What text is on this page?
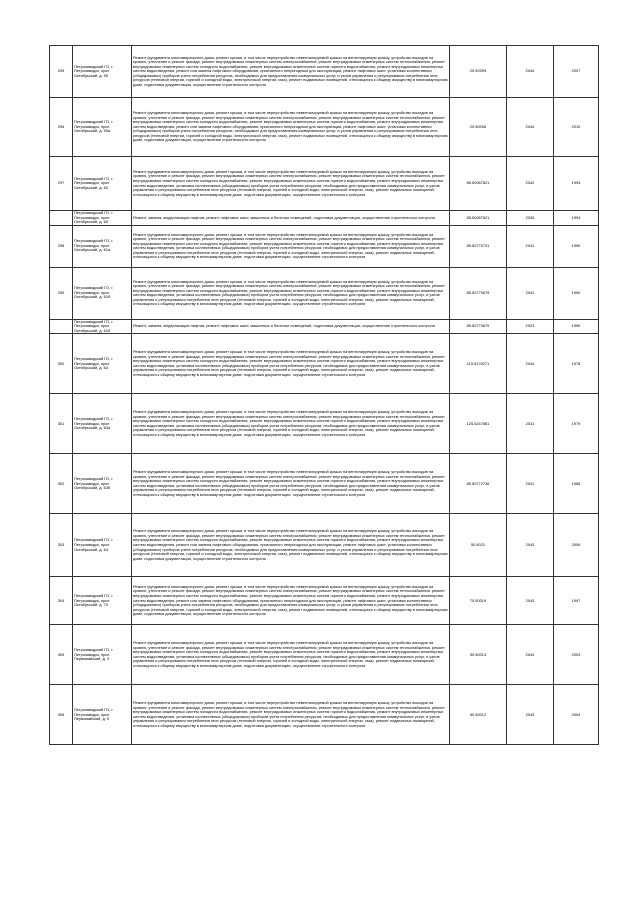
295	Петрозаводский ГО, г. Петрозаводск, прсп Октябрьский, д. 59	Ремонт фундамента многоквартирного дома, ремонт крыши, в том числе переустройство невентилируемой крыши на вентилируемую крышу, устройство выходов на кровлю, утепление и ремонт фасада, ремонт внутридомовых инженерных систем электроснабжения, ремонт внутридомовых инженерных систем теплоснабжения, ремонт внутридомовых инженерных систем холодного водоснабжения, ремонт внутридомовых инженерных систем горячего водоснабжения, ремонт внутридомовых инженерных систем водоотведения, ремонт или замена лифтового оборудования, признанного непригодным для эксплуатации, ремонт лифтовых шахт, установка коллективных (общедомовых) приборов учета потребления ресурсов, необходимых для предоставления коммунальных услуг, и узлов управления и регулирования потребления этих ресурсов (тепловой энергии, горячей и холодной воды, электрической энергии, газа), ремонт подвальных помещений, относящихся к общему имуществу в многоквартирном доме, подготовка документации, осуществление строительного контроля	20.50399	2044	2007
296	Петрозаводский ГО, г. Петрозаводск, прсп Октябрьский, д. 59а	Ремонт фундамента многоквартирного дома, ремонт крыши, в том числе переустройство невентилируемой крыши на вентилируемую крышу, устройство выходов на кровлю, утепление и ремонт фасада, ремонт внутридомовых инженерных систем электроснабжения, ремонт внутридомовых инженерных систем теплоснабжения, ремонт внутридомовых инженерных систем холодного водоснабжения, ремонт внутридомовых инженерных систем горячего водоснабжения, ремонт внутридомовых инженерных систем водоотведения, ремонт или замена лифтового оборудования, признанного непригодным для эксплуатации, ремонт лифтовых шахт, установка коллективных (общедомовых) приборов учета потребления ресурсов, необходимых для предоставления коммунальных услуг, и узлов управления и регулирования потребления этих ресурсов (тепловой энергии, горячей и холодной воды, электрической энергии, газа), ремонт подвальных помещений, относящихся к общему имуществу в многоквартирном доме, подготовка документации, осуществление строительного контроля	20.50006	2044	2010
297	Петрозаводский ГО, г. Петрозаводск, прсп Октябрьский, д. 60	Ремонт фундамента многоквартирного дома, ремонт крыши, в том числе переустройство невентилируемой крыши на вентилируемую крышу, устройство выходов на кровлю, утепление и ремонт фасада, ремонт внутридомовых инженерных систем электроснабжения, ремонт внутридомовых инженерных систем теплоснабжения, ремонт внутридомовых инженерных систем холодного водоснабжения, ремонт внутридомовых инженерных систем горячего водоснабжения, ремонт внутридомовых инженерных систем водоотведения, установка коллективных (общедомовых) приборов учета потребления ресурсов, необходимых для предоставления коммунальных услуг, и узлов управления и регулирования потребления этих ресурсов (тепловой энергии, горячей и холодной воды, электрической энергии, газа), ремонт подвальных помещений, относящихся к общему имуществу в многоквартирном доме, подготовка документации, осуществление строительного контроля	85.50087621	2042	1994
	Петрозаводский ГО, г. Петрозаводск, прсп Октябрьский, д. 60	Ремонт, замена, модернизация лифтов, ремонт лифтовых шахт, машинных и блочных помещений, подготовка документации, осуществление строительного контроля	85.50087621	2030	1994
298	Петрозаводский ГО, г. Петрозаводск, прсп Октябрьский, д. 61а	Ремонт фундамента многоквартирного дома, ремонт крыши, в том числе переустройство невентилируемой крыши на вентилируемую крышу, устройство выходов на кровлю, утепление и ремонт фасада, ремонт внутридомовых инженерных систем электроснабжения, ремонт внутридомовых инженерных систем теплоснабжения, ремонт внутридомовых инженерных систем холодного водоснабжения, ремонт внутридомовых инженерных систем горячего водоснабжения, ремонт внутридомовых инженерных систем водоотведения, установка коллективных (общедомовых) приборов учета потребления ресурсов, необходимых для предоставления коммунальных услуг, и узлов управления и регулирования потребления этих ресурсов (тепловой энергии, горячей и холодной воды, электрической энергии, газа), ремонт подвальных помещений, относящихся к общему имуществу в многоквартирном доме, подготовка документации, осуществление строительного контроля	85.50770731	2041	1990
299	Петрозаводский ГО, г. Петрозаводск, прсп Октябрьский, д. 61б	Ремонт фундамента многоквартирного дома, ремонт крыши, в том числе переустройство невентилируемой крыши на вентилируемую крышу, устройство выходов на кровлю, утепление и ремонт фасада, ремонт внутридомовых инженерных систем электроснабжения, ремонт внутридомовых инженерных систем теплоснабжения, ремонт внутридомовых инженерных систем холодного водоснабжения, ремонт внутридомовых инженерных систем горячего водоснабжения, ремонт внутридомовых инженерных систем водоотведения, установка коллективных (общедомовых) приборов учета потребления ресурсов, необходимых для предоставления коммунальных услуг, и узлов управления и регулирования потребления этих ресурсов (тепловой энергии, горячей и холодной воды, электрической энергии, газа), ремонт подвальных помещений, относящихся к общему имуществу в многоквартирном доме, подготовка документации, осуществление строительного контроля	85.50770679	2041	1990
	Петрозаводский ГО, г. Петрозаводск, прсп Октябрьский, д. 61б	Ремонт, замена, модернизация лифтов, ремонт лифтовых шахт, машинных и блочных помещений, подготовка документации, осуществление строительного контроля	85.50770679	2023	1990
300	Петрозаводский ГО, г. Петрозаводск, прсп Октябрьский, д. 63	Ремонт фундамента многоквартирного дома, ремонт крыши, в том числе переустройство невентилируемой крыши на вентилируемую крышу, устройство выходов на кровлю, утепление и ремонт фасада, ремонт внутридомовых инженерных систем электроснабжения, ремонт внутридомовых инженерных систем теплоснабжения, ремонт внутридомовых инженерных систем холодного водоснабжения, ремонт внутридомовых инженерных систем горячего водоснабжения, ремонт внутридомовых инженерных систем водоотведения, установка коллективных (общедомовых) приборов учета потребления ресурсов, необходимых для предоставления коммунальных услуг, и узлов управления и регулирования потребления этих ресурсов (тепловой энергии, горячей и холодной воды, электрической энергии, газа), ремонт подвальных помещений, относящихся к общему имуществу в многоквартирном доме, подготовка документации, осуществление строительного контроля	115.5178271	2044	1978
301	Петрозаводский ГО, г. Петрозаводск, прсп Октябрьский, д. 63а	Ремонт фундамента многоквартирного дома, ремонт крыши, в том числе переустройство невентилируемой крыши на вентилируемую крышу, устройство выходов на кровлю, утепление и ремонт фасада, ремонт внутридомовых инженерных систем электроснабжения, ремонт внутридомовых инженерных систем теплоснабжения, ремонт внутридомовых инженерных систем холодного водоснабжения, ремонт внутридомовых инженерных систем горячего водоснабжения, ремонт внутридомовых инженерных систем водоотведения, установка коллективных (общедомовых) приборов учета потребления ресурсов, необходимых для предоставления коммунальных услуг, и узлов управления и регулирования потребления этих ресурсов (тепловой энергии, горячей и холодной воды, электрической энергии, газа), ремонт подвальных помещений, относящихся к общему имуществу в многоквартирном доме, подготовка документации, осуществление строительного контроля	125.5247681	2031	1979
302	Петрозаводский ГО, г. Петрозаводск, прсп Октябрьский, д. 63б	Ремонт фундамента многоквартирного дома, ремонт крыши, в том числе переустройство невентилируемой крыши на вентилируемую крышу, устройство выходов на кровлю, утепление и ремонт фасада, ремонт внутридомовых инженерных систем электроснабжения, ремонт внутридомовых инженерных систем теплоснабжения, ремонт внутридомовых инженерных систем холодного водоснабжения, ремонт внутридомовых инженерных систем горячего водоснабжения, ремонт внутридомовых инженерных систем водоотведения, установка коллективных (общедомовых) приборов учета потребления ресурсов, необходимых для предоставления коммунальных услуг, и узлов управления и регулирования потребления этих ресурсов (тепловой энергии, горячей и холодной воды, электрической энергии, газа), ремонт подвальных помещений, относящихся к общему имуществу в многоквартирном доме, подготовка документации, осуществление строительного контроля	85.50772736	2041	1988
303	Петрозаводский ГО, г. Петрозаводск, прсп Октябрьский, д. 64	Ремонт фундамента многоквартирного дома, ремонт крыши, в том числе переустройство невентилируемой крыши на вентилируемую крышу, устройство выходов на кровлю, утепление и ремонт фасада, ремонт внутридомовых инженерных систем электроснабжения, ремонт внутридомовых инженерных систем теплоснабжения, ремонт внутридомовых инженерных систем холодного водоснабжения, ремонт внутридомовых инженерных систем горячего водоснабжения, ремонт внутридомовых инженерных систем водоотведения, ремонт или замена лифтового оборудования, признанного непригодным для эксплуатации, ремонт лифтовых шахт, установка коллективных (общедомовых) приборов учета потребления ресурсов, необходимых для предоставления коммунальных услуг, и узлов управления и регулирования потребления этих ресурсов (тепловой энергии, горячей и холодной воды, электрической энергии, газа), ремонт подвальных помещений, относящихся к общему имуществу в многоквартирном доме, подготовка документации, осуществление строительного контроля	50.5021	2043	2006
304	Петрозаводский ГО, г. Петрозаводск, прсп Октябрьский, д. 70	Ремонт фундамента многоквартирного дома, ремонт крыши, в том числе переустройство невентилируемой крыши на вентилируемую крышу, устройство выходов на кровлю, утепление и ремонт фасада, ремонт внутридомовых инженерных систем электроснабжения, ремонт внутридомовых инженерных систем теплоснабжения, ремонт внутридомовых инженерных систем холодного водоснабжения, ремонт внутридомовых инженерных систем горячего водоснабжения, ремонт внутридомовых инженерных систем водоотведения, ремонт или замена лифтового оборудования, признанного непригодным для эксплуатации, ремонт лифтовых шахт, установка коллективных (общедомовых) приборов учета потребления ресурсов, необходимых для предоставления коммунальных услуг, и узлов управления и регулирования потребления этих ресурсов (тепловой энергии, горячей и холодной воды, электрической энергии, газа), ремонт подвальных помещений, относящихся к общему имуществу в многоквартирном доме, подготовка документации, осуществление строительного контроля	75.50019	2043	1997
305	Петрозаводский ГО, г. Петрозаводск, прсп Первомайский, д. 3	Ремонт фундамента многоквартирного дома, ремонт крыши, в том числе переустройство невентилируемой крыши на вентилируемую крышу, устройство выходов на кровлю, утепление и ремонт фасада, ремонт внутридомовых инженерных систем электроснабжения, ремонт внутридомовых инженерных систем теплоснабжения, ремонт внутридомовых инженерных систем холодного водоснабжения, ремонт внутридомовых инженерных систем горячего водоснабжения, ремонт внутридомовых инженерных систем водоотведения, установка коллективных (общедомовых) приборов учета потребления ресурсов, необходимых для предоставления коммунальных услуг, и узлов управления и регулирования потребления этих ресурсов (тепловой энергии, горячей и холодной воды, электрической энергии, газа), ремонт подвальных помещений, относящихся к общему имуществу в многоквартирном доме, подготовка документации, осуществление строительного контроля	50.50013	2043	2003
306	Петрозаводский ГО, г. Петрозаводск, прсп Первомайский, д. 5	Ремонт фундамента многоквартирного дома, ремонт крыши, в том числе переустройство невентилируемой крыши на вентилируемую крышу, устройство выходов на кровлю, утепление и ремонт фасада, ремонт внутридомовых инженерных систем электроснабжения, ремонт внутридомовых инженерных систем теплоснабжения, ремонт внутридомовых инженерных систем холодного водоснабжения, ремонт внутридомовых инженерных систем горячего водоснабжения, ремонт внутридомовых инженерных систем водоотведения, установка коллективных (общедомовых) приборов учета потребления ресурсов, необходимых для предоставления коммунальных услуг, и узлов управления и регулирования потребления этих ресурсов (тепловой энергии, горячей и холодной воды, электрической энергии, газа), ремонт подвальных помещений, относящихся к общему имуществу в многоквартирном доме, подготовка документации, осуществление строительного контроля	50.50012	2043	2004
